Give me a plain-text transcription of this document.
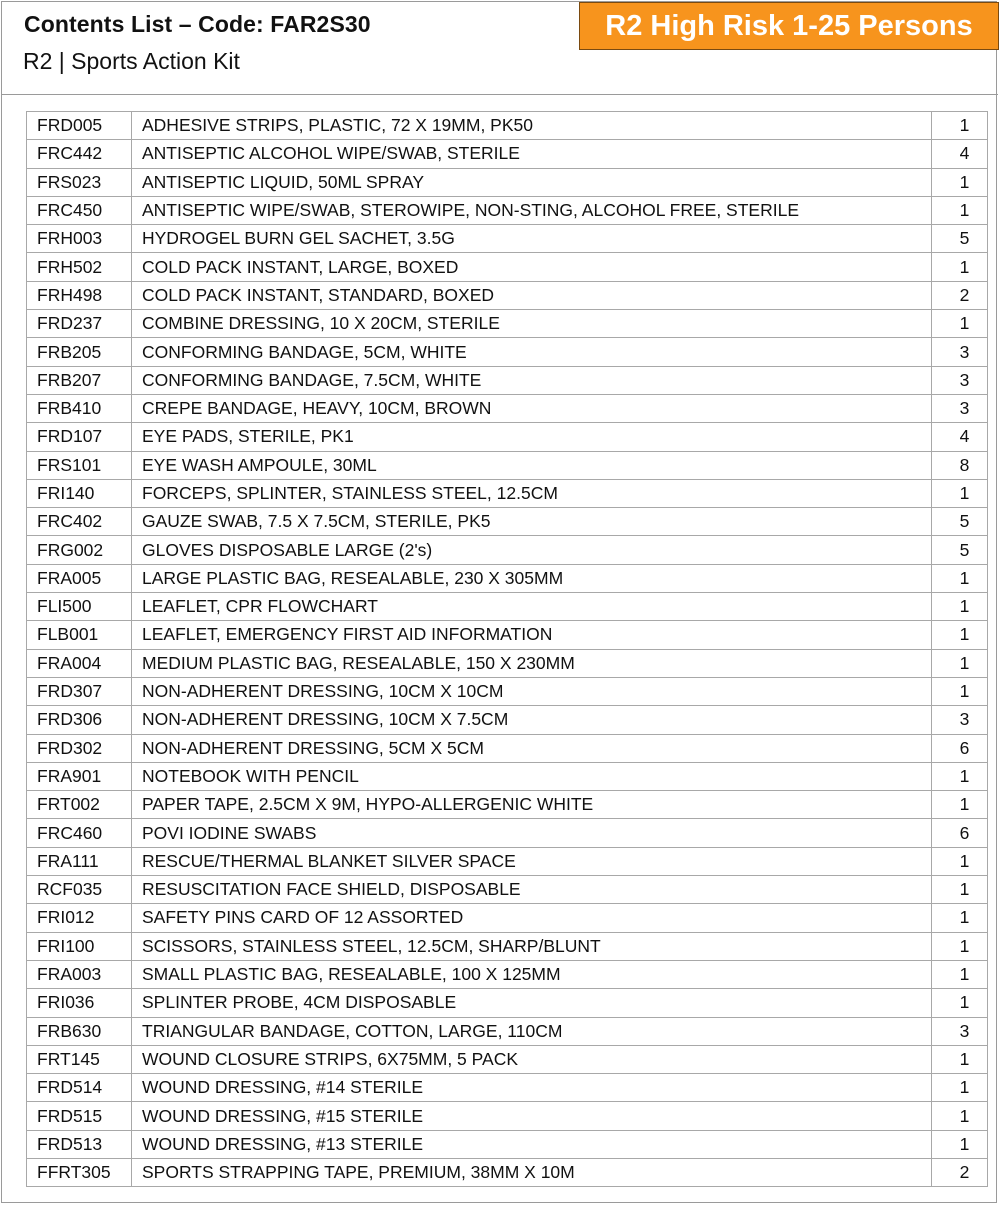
Contents List – Code: FAR2S30
R2 | Sports Action Kit
R2 High Risk 1-25 Persons
FRD005	ADHESIVE STRIPS, PLASTIC, 72 X 19MM, PK50	1
FRC442	ANTISEPTIC ALCOHOL WIPE/SWAB, STERILE	4
FRS023	ANTISEPTIC LIQUID, 50ML SPRAY	1
FRC450	ANTISEPTIC WIPE/SWAB, STEROWIPE, NON-STING, ALCOHOL FREE, STERILE	1
FRH003	HYDROGEL BURN GEL SACHET, 3.5G	5
FRH502	COLD PACK INSTANT, LARGE, BOXED	1
FRH498	COLD PACK INSTANT, STANDARD, BOXED	2
FRD237	COMBINE DRESSING, 10 X 20CM, STERILE	1
FRB205	CONFORMING BANDAGE, 5CM, WHITE	3
FRB207	CONFORMING BANDAGE, 7.5CM, WHITE	3
FRB410	CREPE BANDAGE, HEAVY, 10CM, BROWN	3
FRD107	EYE PADS, STERILE, PK1	4
FRS101	EYE WASH AMPOULE, 30ML	8
FRI140	FORCEPS, SPLINTER, STAINLESS STEEL, 12.5CM	1
FRC402	GAUZE SWAB, 7.5 X 7.5CM, STERILE, PK5	5
FRG002	GLOVES DISPOSABLE LARGE (2's)	5
FRA005	LARGE PLASTIC BAG, RESEALABLE, 230 X 305MM	1
FLI500	LEAFLET, CPR FLOWCHART	1
FLB001	LEAFLET, EMERGENCY FIRST AID INFORMATION	1
FRA004	MEDIUM PLASTIC BAG, RESEALABLE, 150 X 230MM	1
FRD307	NON-ADHERENT DRESSING, 10CM X 10CM	1
FRD306	NON-ADHERENT DRESSING, 10CM X 7.5CM	3
FRD302	NON-ADHERENT DRESSING, 5CM X 5CM	6
FRA901	NOTEBOOK WITH PENCIL	1
FRT002	PAPER TAPE, 2.5CM X 9M, HYPO-ALLERGENIC WHITE	1
FRC460	POVI IODINE SWABS	6
FRA111	RESCUE/THERMAL BLANKET SILVER SPACE	1
RCF035	RESUSCITATION FACE SHIELD, DISPOSABLE	1
FRI012	SAFETY PINS CARD OF 12 ASSORTED	1
FRI100	SCISSORS, STAINLESS STEEL, 12.5CM, SHARP/BLUNT	1
FRA003	SMALL PLASTIC BAG, RESEALABLE, 100 X 125MM	1
FRI036	SPLINTER PROBE, 4CM DISPOSABLE	1
FRB630	TRIANGULAR BANDAGE, COTTON, LARGE, 110CM	3
FRT145	WOUND CLOSURE STRIPS, 6X75MM, 5 PACK	1
FRD514	WOUND DRESSING, #14 STERILE	1
FRD515	WOUND DRESSING, #15 STERILE	1
FRD513	WOUND DRESSING, #13 STERILE	1
FFRT305	SPORTS STRAPPING TAPE, PREMIUM, 38MM X 10M	2
